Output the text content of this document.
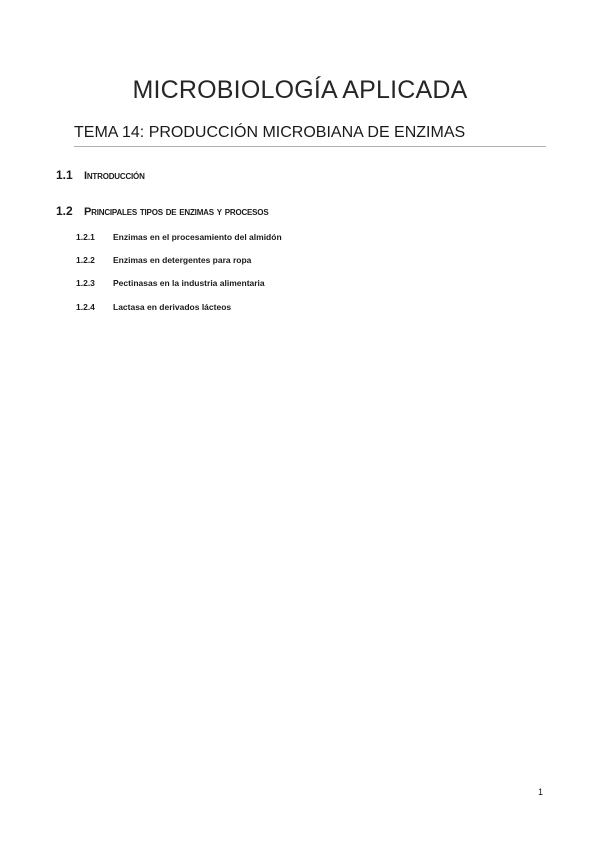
MICROBIOLOGÍA APLICADA
TEMA 14: PRODUCCIÓN MICROBIANA DE ENZIMAS
1.1	Introducción
1.2	Principales tipos de enzimas y procesos
1.2.1	Enzimas en el procesamiento del almidón
1.2.2	Enzimas en detergentes para ropa
1.2.3	Pectinasas en la industria alimentaria
1.2.4	Lactasa en derivados lácteos
1
